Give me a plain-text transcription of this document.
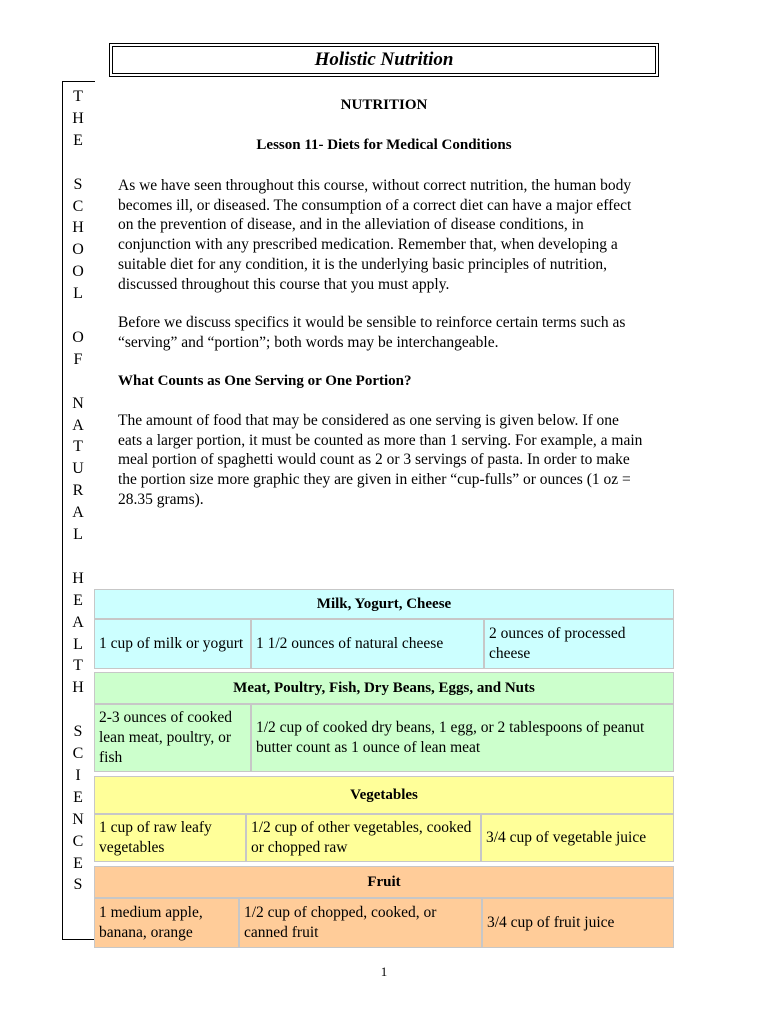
Holistic Nutrition
T
H
E
S
C
H
O
O
L
O
F
N
A
T
U
R
A
L
H
E
A
L
T
H
S
C
I
E
N
C
E
S
NUTRITION
Lesson 11- Diets for Medical Conditions
As we have seen throughout this course, without correct nutrition, the human body becomes ill, or diseased. The consumption of a correct diet can have a major effect on the prevention of disease, and in the alleviation of disease conditions, in conjunction with any prescribed medication. Remember that, when developing a suitable diet for any condition, it is the underlying basic principles of nutrition, discussed throughout this course that you must apply.
Before we discuss specifics it would be sensible to reinforce certain terms such as “serving” and “portion”; both words may be interchangeable.
What Counts as One Serving or One Portion?
The amount of food that may be considered as one serving is given below. If one eats a larger portion, it must be counted as more than 1 serving. For example, a main meal portion of spaghetti would count as 2 or 3 servings of pasta. In order to make the portion size more graphic they are given in either “cup-fulls” or ounces (1 oz = 28.35 grams).
Milk, Yogurt, Cheese
1 cup of milk or yogurt 1 1/2 ounces of natural cheese
2 ounces of processed cheese
Meat, Poultry, Fish, Dry Beans, Eggs, and Nuts
2-3 ounces of cooked lean meat, poultry, or fish
1/2 cup of cooked dry beans, 1 egg, or 2 tablespoons of peanut butter count as 1 ounce of lean meat
Vegetables
1 cup of raw leafy vegetables
1/2 cup of other vegetables, cooked or chopped raw
3/4 cup of vegetable juice
Fruit
1 medium apple, banana, orange
1/2 cup of chopped, cooked, or canned fruit
3/4 cup of fruit juice
1
